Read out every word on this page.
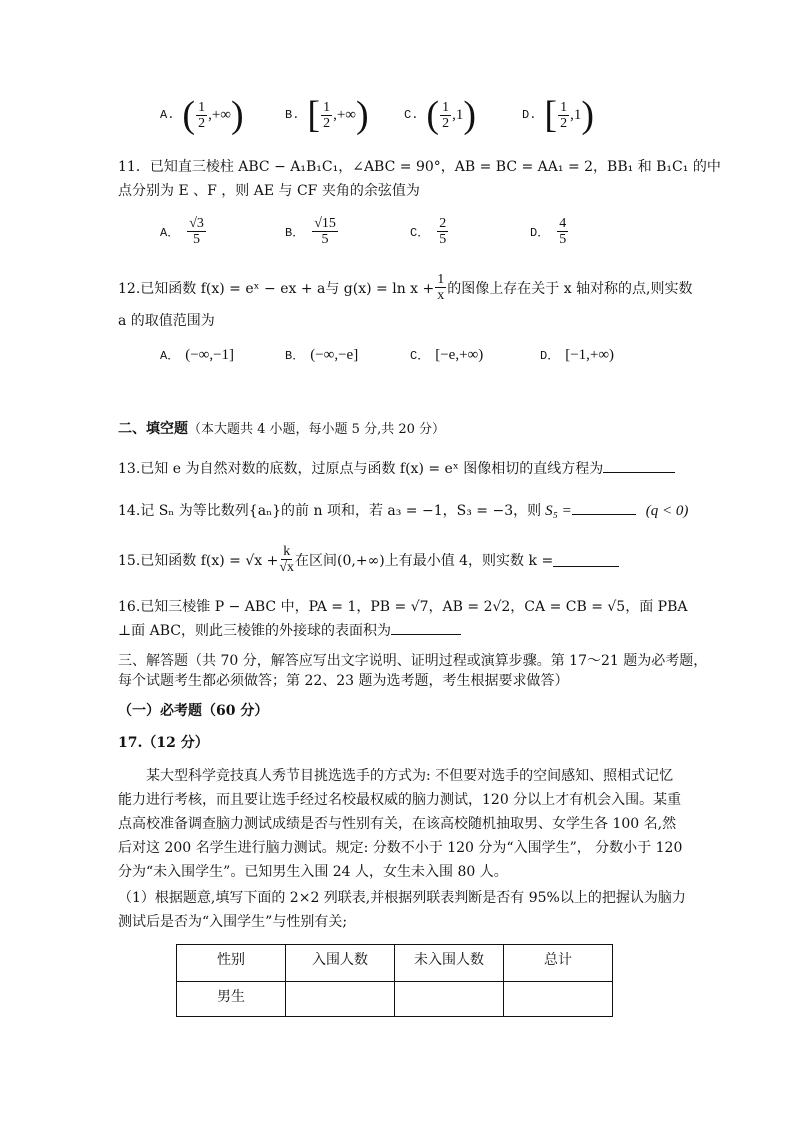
A. ( $\frac{1}{2}$ ,+∞ )	B. [ $\frac{1}{2}$ ,+∞ )	C. ( $\frac{1}{2} ,1$ )	D. [ $\frac{1}{2} ,1$ )
11．已知直三棱柱 ABC − A₁B₁C₁，∠ABC = 90°，AB = BC = AA₁ = 2，BB₁ 和 B₁C₁ 的中
点分别为 E 、F ，则 AE 与 CF 夹角的余弦值为
A． $\frac{√3}{5}$	B． $\frac{√15}{5}$	C． $\frac{2}{5}$	D． $\frac{4}{5}$
12.已知函数 f(x) = eˣ − ex + a与 $g(x) = \ln x + \frac{1}{x}$ 的图像上存在关于 x 轴对称的点,则实数
a 的取值范围为
A． (−∞,−1]	B． (−∞,−e]	C． [−e,+∞)	D． [−1,+∞)
二、填空题（本大题共 4 小题，每小题 5 分,共 20 分）
13.已知 e 为自然对数的底数，过原点与函数 f(x) = eˣ 图像相切的直线方程为
14.记 Sₙ 为等比数列{aₙ}的前 n 项和，若 a₃ = −1，S₃ = −3，则 S₅ =	(q < 0)
15.已知函数 $f(x) = √x + \frac{k}{√x}$ 在区间(0,+∞)上有最小值 4，则实数 k =
16.已知三棱锥 P − ABC 中，PA = 1，PB = √7，AB = 2√2，CA = CB = √5，面 PBA
⊥面 ABC，则此三棱锥的外接球的表面积为
三、解答题（共 70 分，解答应写出文字说明、证明过程或演算步骤。第 17～21 题为必考题，
每个试题考生都必须做答；第 22、23 题为选考题，考生根据要求做答）
（一）必考题（60 分）
17.（12 分）
某大型科学竞技真人秀节目挑选选手的方式为: 不但要对选手的空间感知、照相式记忆
能力进行考核，而且要让选手经过名校最权威的脑力测试，120 分以上才有机会入围。某重
点高校准备调查脑力测试成绩是否与性别有关，在该高校随机抽取男、女学生各 100 名,然
后对这 200 名学生进行脑力测试。规定: 分数不小于 120 分为“入围学生”， 分数小于 120
分为“未入围学生”。已知男生入围 24 人，女生未入围 80 人。
（1）根据题意,填写下面的 2×2 列联表,并根据列联表判断是否有 95%以上的把握认为脑力
测试后是否为“入围学生”与性别有关;
性别	入围人数	未入围人数	总计
男生			
